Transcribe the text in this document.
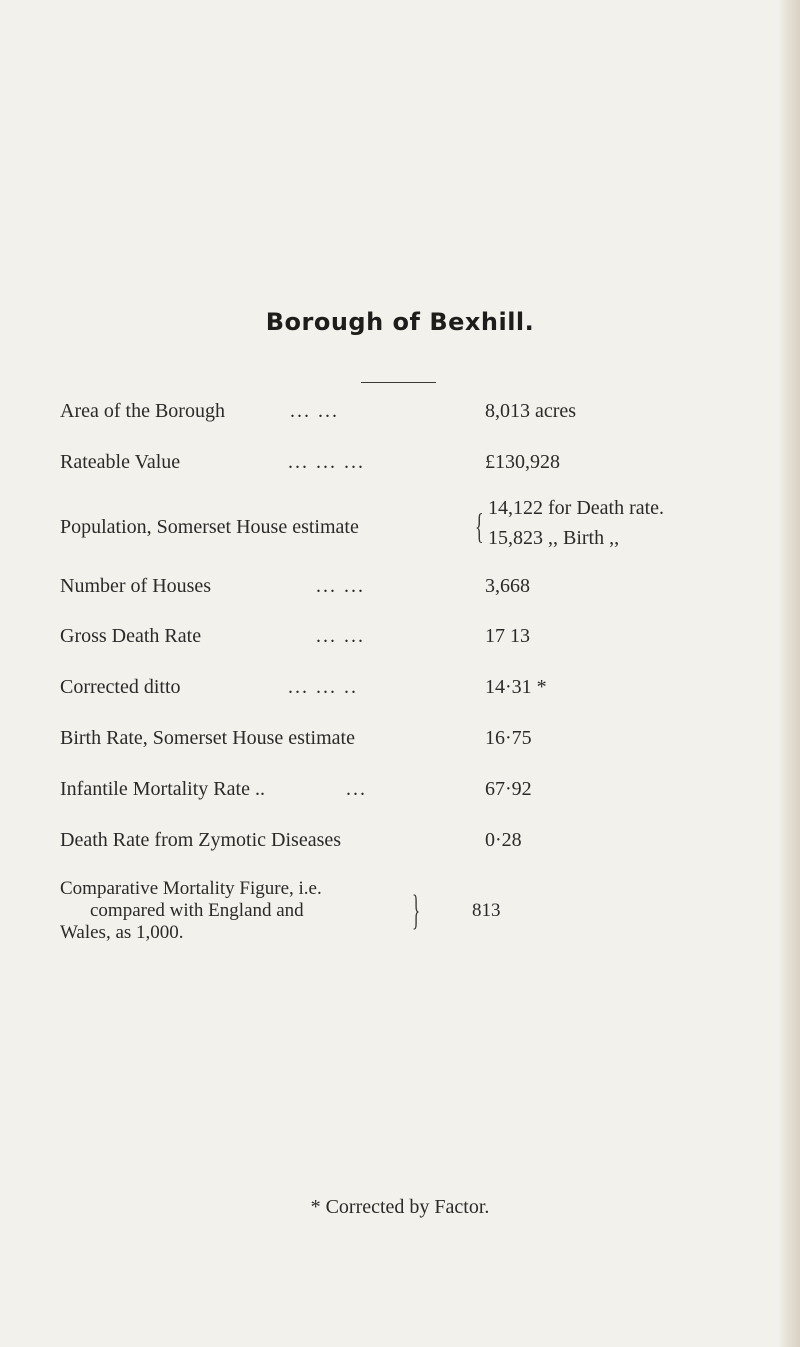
Borough of Bexhill.
Area of the Borough	... ...	8,013 acres
Rateable Value	... ... ...	£130,928
Population, Somerset House estimate	{ 14,122 for Death rate.
15,823 ,, Birth ,,
Number of Houses	... ...	3,668
Gross Death Rate	... ...	17 13
Corrected ditto	... ... ..	14·31 *
Birth Rate, Somerset House estimate	16·75
Infantile Mortality Rate ..	...	67·92
Death Rate from Zymotic Diseases	0·28
Comparative Mortality Figure, i.e.
compared with England and
Wales, as 1,000.	}	813
* Corrected by Factor.
